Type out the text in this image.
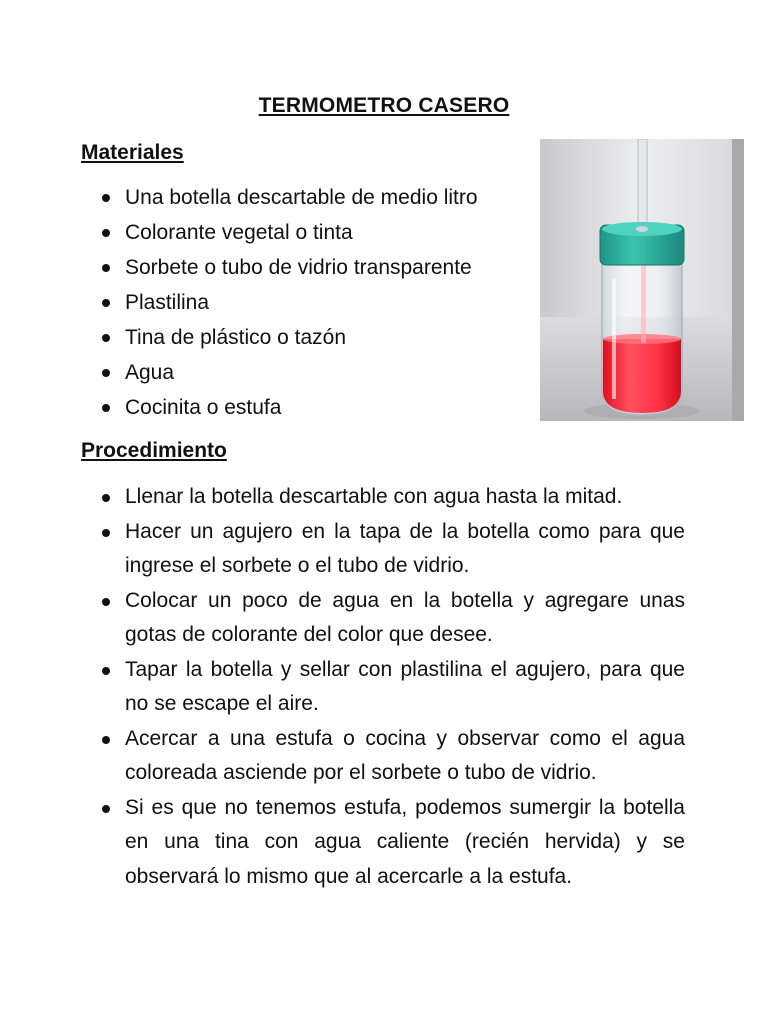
TERMOMETRO CASERO
Materiales
Una botella descartable de medio litro
Colorante vegetal o tinta
Sorbete o tubo de vidrio transparente
Plastilina
Tina de plástico o tazón
Agua
Cocinita o estufa
Procedimiento
Llenar la botella descartable con agua hasta la mitad.
Hacer un agujero en la tapa de la botella como para que ingrese el sorbete o el tubo de vidrio.
Colocar un poco de agua en la botella y agregare unas gotas de colorante del color que desee.
Tapar la botella y sellar con plastilina el agujero, para que no se escape el aire.
Acercar a una estufa o cocina y observar como el agua coloreada asciende por el sorbete o tubo de vidrio.
Si es que no tenemos estufa, podemos sumergir la botella en una tina con agua caliente (recién hervida) y se observará lo mismo que al acercarle a la estufa.
